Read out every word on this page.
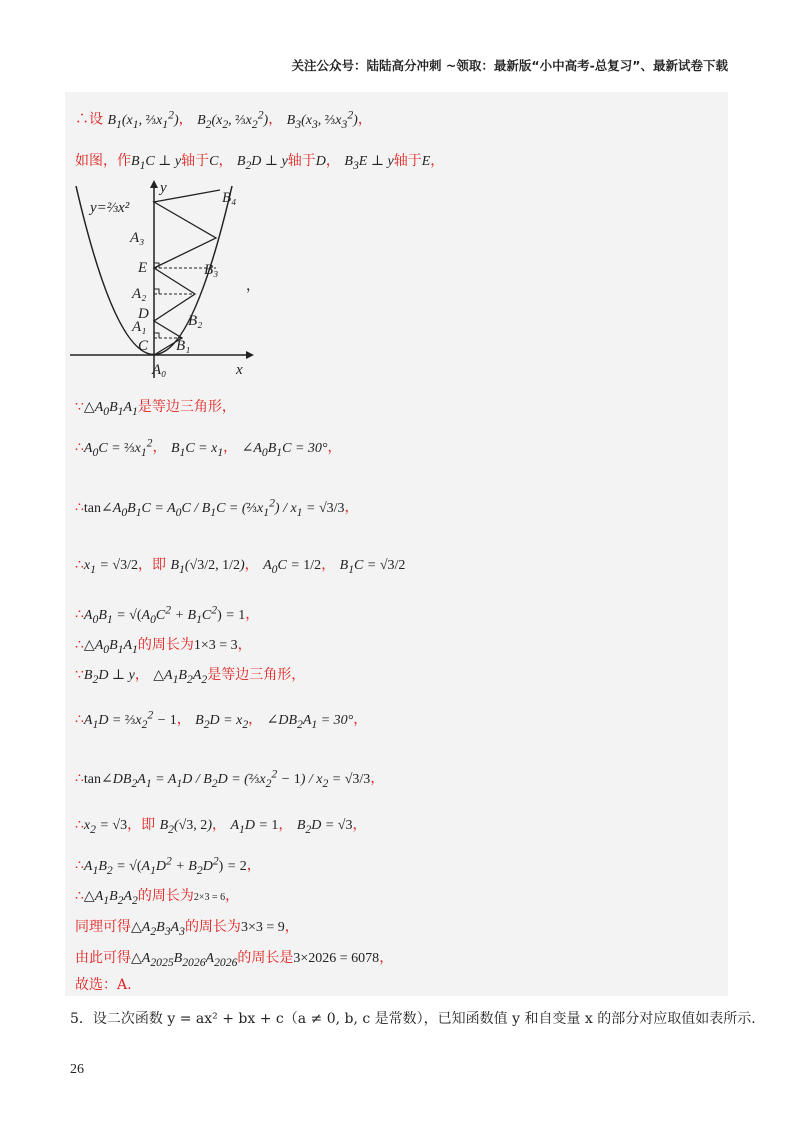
关注公众号：陆陆高分冲刺 ~领取：最新版“小中高考-总复习”、最新试卷下载
∴设 $B_1(x_1$, $\frac{2}{3}x_1^2$)， $B_2(x_2$, $\frac{2}{3}x_2^2$)， $B_3(x_3$, $\frac{2}{3}x_3^2$)，
如图，作$B_1C$ ⊥ y轴于C， $B_2D$ ⊥ y轴于D， $B_3E$ ⊥ y轴于E，
y=⅔x²
y
x
A₀
A₁
A₂
A₃
B₁
B₂
B₃
B₄
C
D
E
，
$\because\triangle A_0B_1A_1$是等边三角形，
$\therefore A_0C$ = $\frac{2}{3}x_1^2$， $B_1C = x_1$， $\angle A_0B_1C = 30^\circ$，
$\therefore\tan\angle A_0B_1C = A_0C / B_1C$ = $(\frac{2}{3}x_1^2) / x_1 = √3/3$，
$\therefore x_1 = √3/2$，即 $B_1(√3/2$, 1/2)， $A_0C = 1/2$， $B_1C = √3/2$
$\therefore A_0B_1 = √(A_0C^2 + B_1C^2) = 1$，
$\therefore\triangle A_0B_1A_1$的周长为1×3 = 3，
$\because B_2D$ ⊥ y， $\triangle A_1B_2A_2$是等边三角形，
$\therefore A_1D$ = $\frac{2}{3}x_2^2 - 1$， $B_2D = x_2$， $\angle DB_2A_1 = 30^\circ$，
$\therefore\tan\angle DB_2A_1 = A_1D / B_2D$ = $(\frac{2}{3}x_2^2 - 1) / x_2 = √3/3$，
$\therefore x_2 = √3$，即 $B_2(√3$, 2)， $A_1D = 1$， $B_2D = √3$，
$\therefore A_1B_2 = √(A_1D^2 + B_2D^2) = 2$，
$\therefore\triangle A_1B_2A_2$的周长为2×3 = 6，
同理可得$\triangle A_2B_3A_3$的周长为3×3 = 9，
由此可得$\triangle A_{2025}B_{2026}A_{2026}$的周长是3×2026 = 6078，
故选：A.
5．设二次函数 y = ax² + bx + c（a ≠ 0, b, c 是常数），已知函数值 y 和自变量 x 的部分对应取值如表所示.
26
